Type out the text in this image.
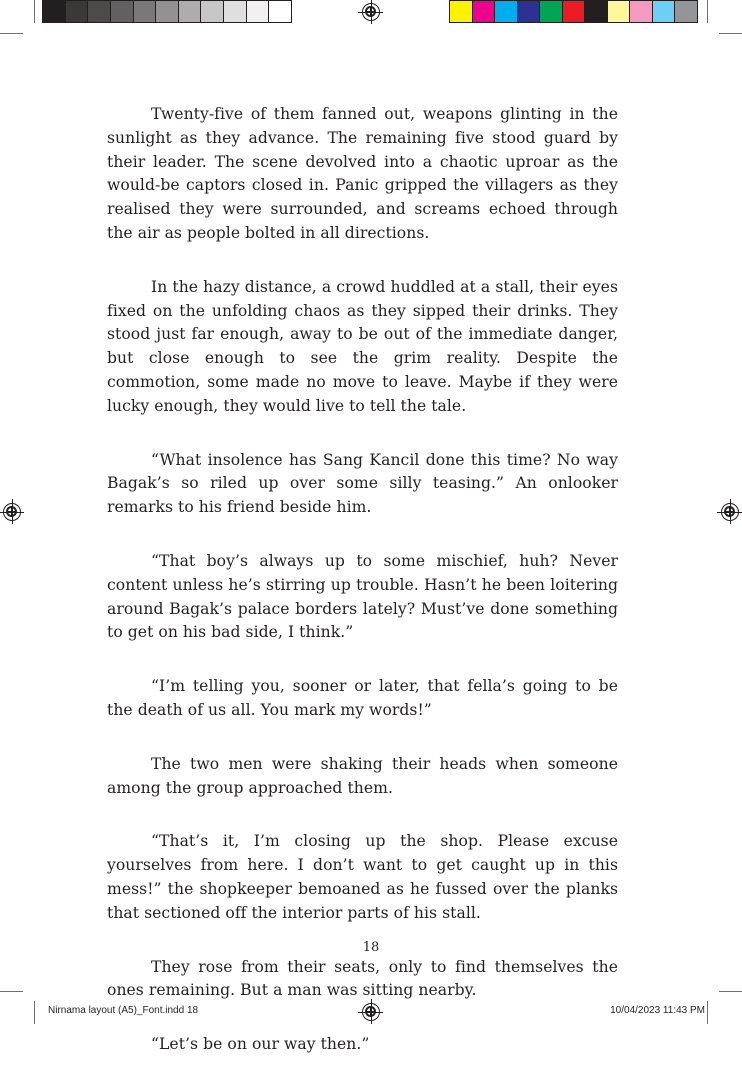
Twenty-five of them fanned out, weapons glinting in the sunlight as they advance. The remaining five stood guard by their leader. The scene devolved into a chaotic uproar as the would-be captors closed in. Panic gripped the villagers as they realised they were surrounded, and screams echoed through the air as people bolted in all directions.

In the hazy distance, a crowd huddled at a stall, their eyes fixed on the unfolding chaos as they sipped their drinks. They stood just far enough, away to be out of the immediate danger, but close enough to see the grim reality. Despite the commotion, some made no move to leave. Maybe if they were lucky enough, they would live to tell the tale.

“What insolence has Sang Kancil done this time? No way Bagak’s so riled up over some silly teasing.” An onlooker remarks to his friend beside him.

“That boy’s always up to some mischief, huh? Never content unless he’s stirring up trouble. Hasn’t he been loitering around Bagak’s palace borders lately? Must’ve done something to get on his bad side, I think.”

“I’m telling you, sooner or later, that fella’s going to be the death of us all. You mark my words!”

The two men were shaking their heads when someone among the group approached them.

“That’s it, I’m closing up the shop. Please excuse yourselves from here. I don’t want to get caught up in this mess!” the shopkeeper bemoaned as he fussed over the planks that sectioned off the interior parts of his stall.

They rose from their seats, only to find themselves the ones remaining. But a man was sitting nearby.

“Let’s be on our way then.”

18
Nirnama layout (A5)_Font.indd 18	10/04/2023 11:43 PM
